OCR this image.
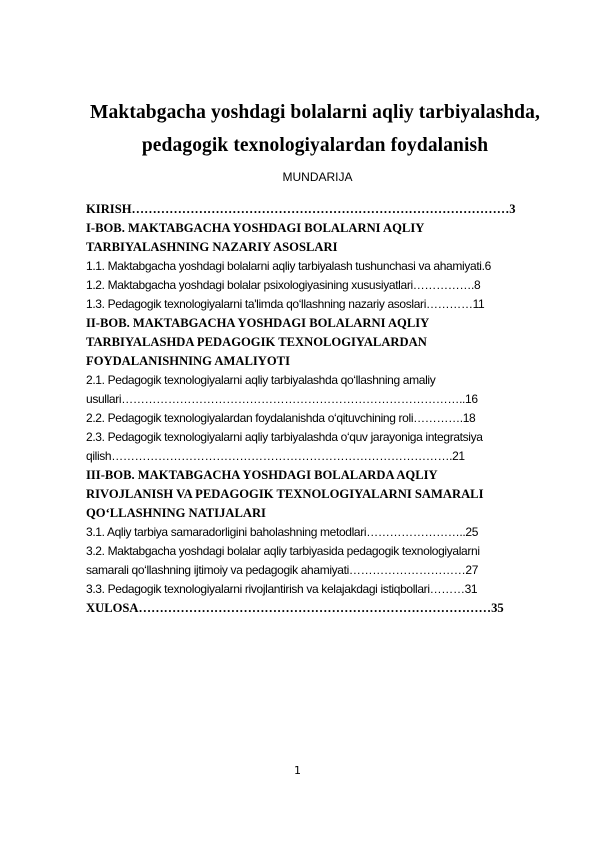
Maktabgacha yoshdagi bolalarni aqliy tarbiyalashda,
pedagogik texnologiyalardan foydalanish
MUNDARIJA
KIRISH………………………………………………………………………………3
I-BOB. MAKTABGACHA YOSHDAGI BOLALARNI AQLIY
TARBIYALASHNING NAZARIY ASOSLARI
1.1. Maktabgacha yoshdagi bolalarni aqliy tarbiyalash tushunchasi va ahamiyati.6
1.2. Maktabgacha yoshdagi bolalar psixologiyasining xususiyatlari…………….8
1.3. Pedagogik texnologiyalarni ta'limda qo‘llashning nazariy asoslari…………11
II-BOB. MAKTABGACHA YOSHDAGI BOLALARNI AQLIY
TARBIYALASHDA PEDAGOGIK TEXNOLOGIYALARDAN
FOYDALANISHNING AMALIYOTI
2.1. Pedagogik texnologiyalarni aqliy tarbiyalashda qo‘llashning amaliy
usullari……………………………………………………………………………..16
2.2. Pedagogik texnologiyalardan foydalanishda o‘qituvchining roli………….18
2.3. Pedagogik texnologiyalarni aqliy tarbiyalashda o‘quv jarayoniga integratsiya
qilish…………………………………………………………………………….21
III-BOB. MAKTABGACHA YOSHDAGI BOLALARDA AQLIY
RIVOJLANISH VA PEDAGOGIK TEXNOLOGIYALARNI SAMARALI
QO‘LLASHNING NATIJALARI
3.1. Aqliy tarbiya samaradorligini baholashning metodlari……………………..25
3.2. Maktabgacha yoshdagi bolalar aqliy tarbiyasida pedagogik texnologiyalarni
samarali qo‘llashning ijtimoiy va pedagogik ahamiyati…………………………27
3.3. Pedagogik texnologiyalarni rivojlantirish va kelajakdagi istiqbollari………31
XULOSA…………………………………………………………………………35
1
